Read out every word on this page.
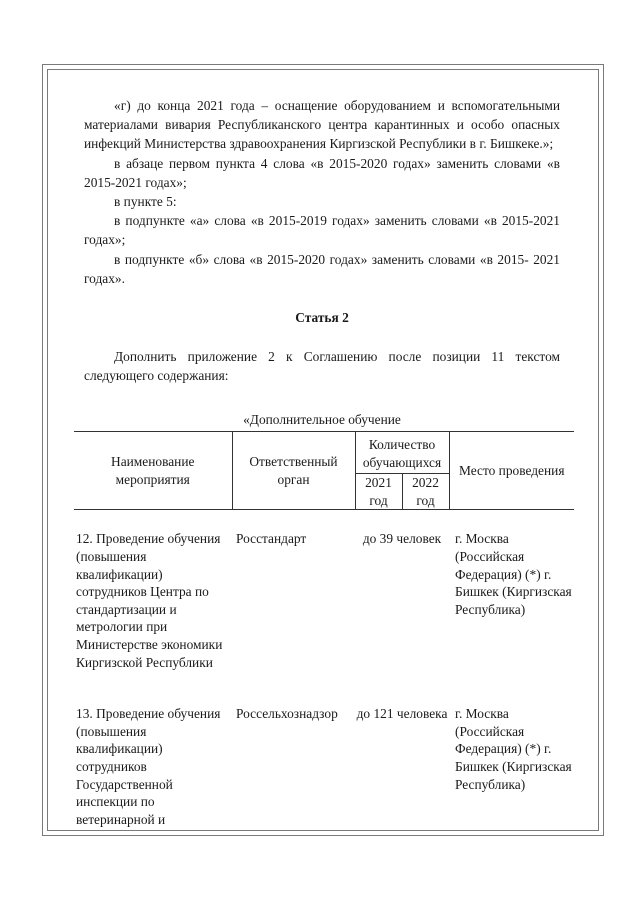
«г) до конца 2021 года – оснащение оборудованием и вспомогательными материалами вивария Республиканского центра карантинных и особо опасных инфекций Министерства здравоохранения Киргизской Республики в г. Бишкеке.»;

в абзаце первом пункта 4 слова «в 2015-2020 годах» заменить словами «в 2015-2021 годах»;

в пункте 5:

в подпункте «а» слова «в 2015-2019 годах» заменить словами «в 2015-2021 годах»;

в подпункте «б» слова «в 2015-2020 годах» заменить словами «в 2015- 2021 годах».

Статья 2

Дополнить приложение 2 к Соглашению после позиции 11 текстом следующего содержания:

«Дополнительное обучение

Наименование мероприятия	Ответственный орган	Количество обучающихся		Место проведения
		2021 год	2022 год	
12. Проведение обучения (повышения квалификации) сотрудников Центра по стандартизации и метрологии при Министерстве экономики Киргизской Республики	Росстандарт	до 39 человек		г. Москва (Российская Федерация) (*) г. Бишкек (Киргизская Республика)
13. Проведение обучения (повышения квалификации) сотрудников Государственной инспекции по ветеринарной и	Россельхознадзор	до 121 человека		г. Москва (Российская Федерация) (*) г. Бишкек (Киргизская Республика)
